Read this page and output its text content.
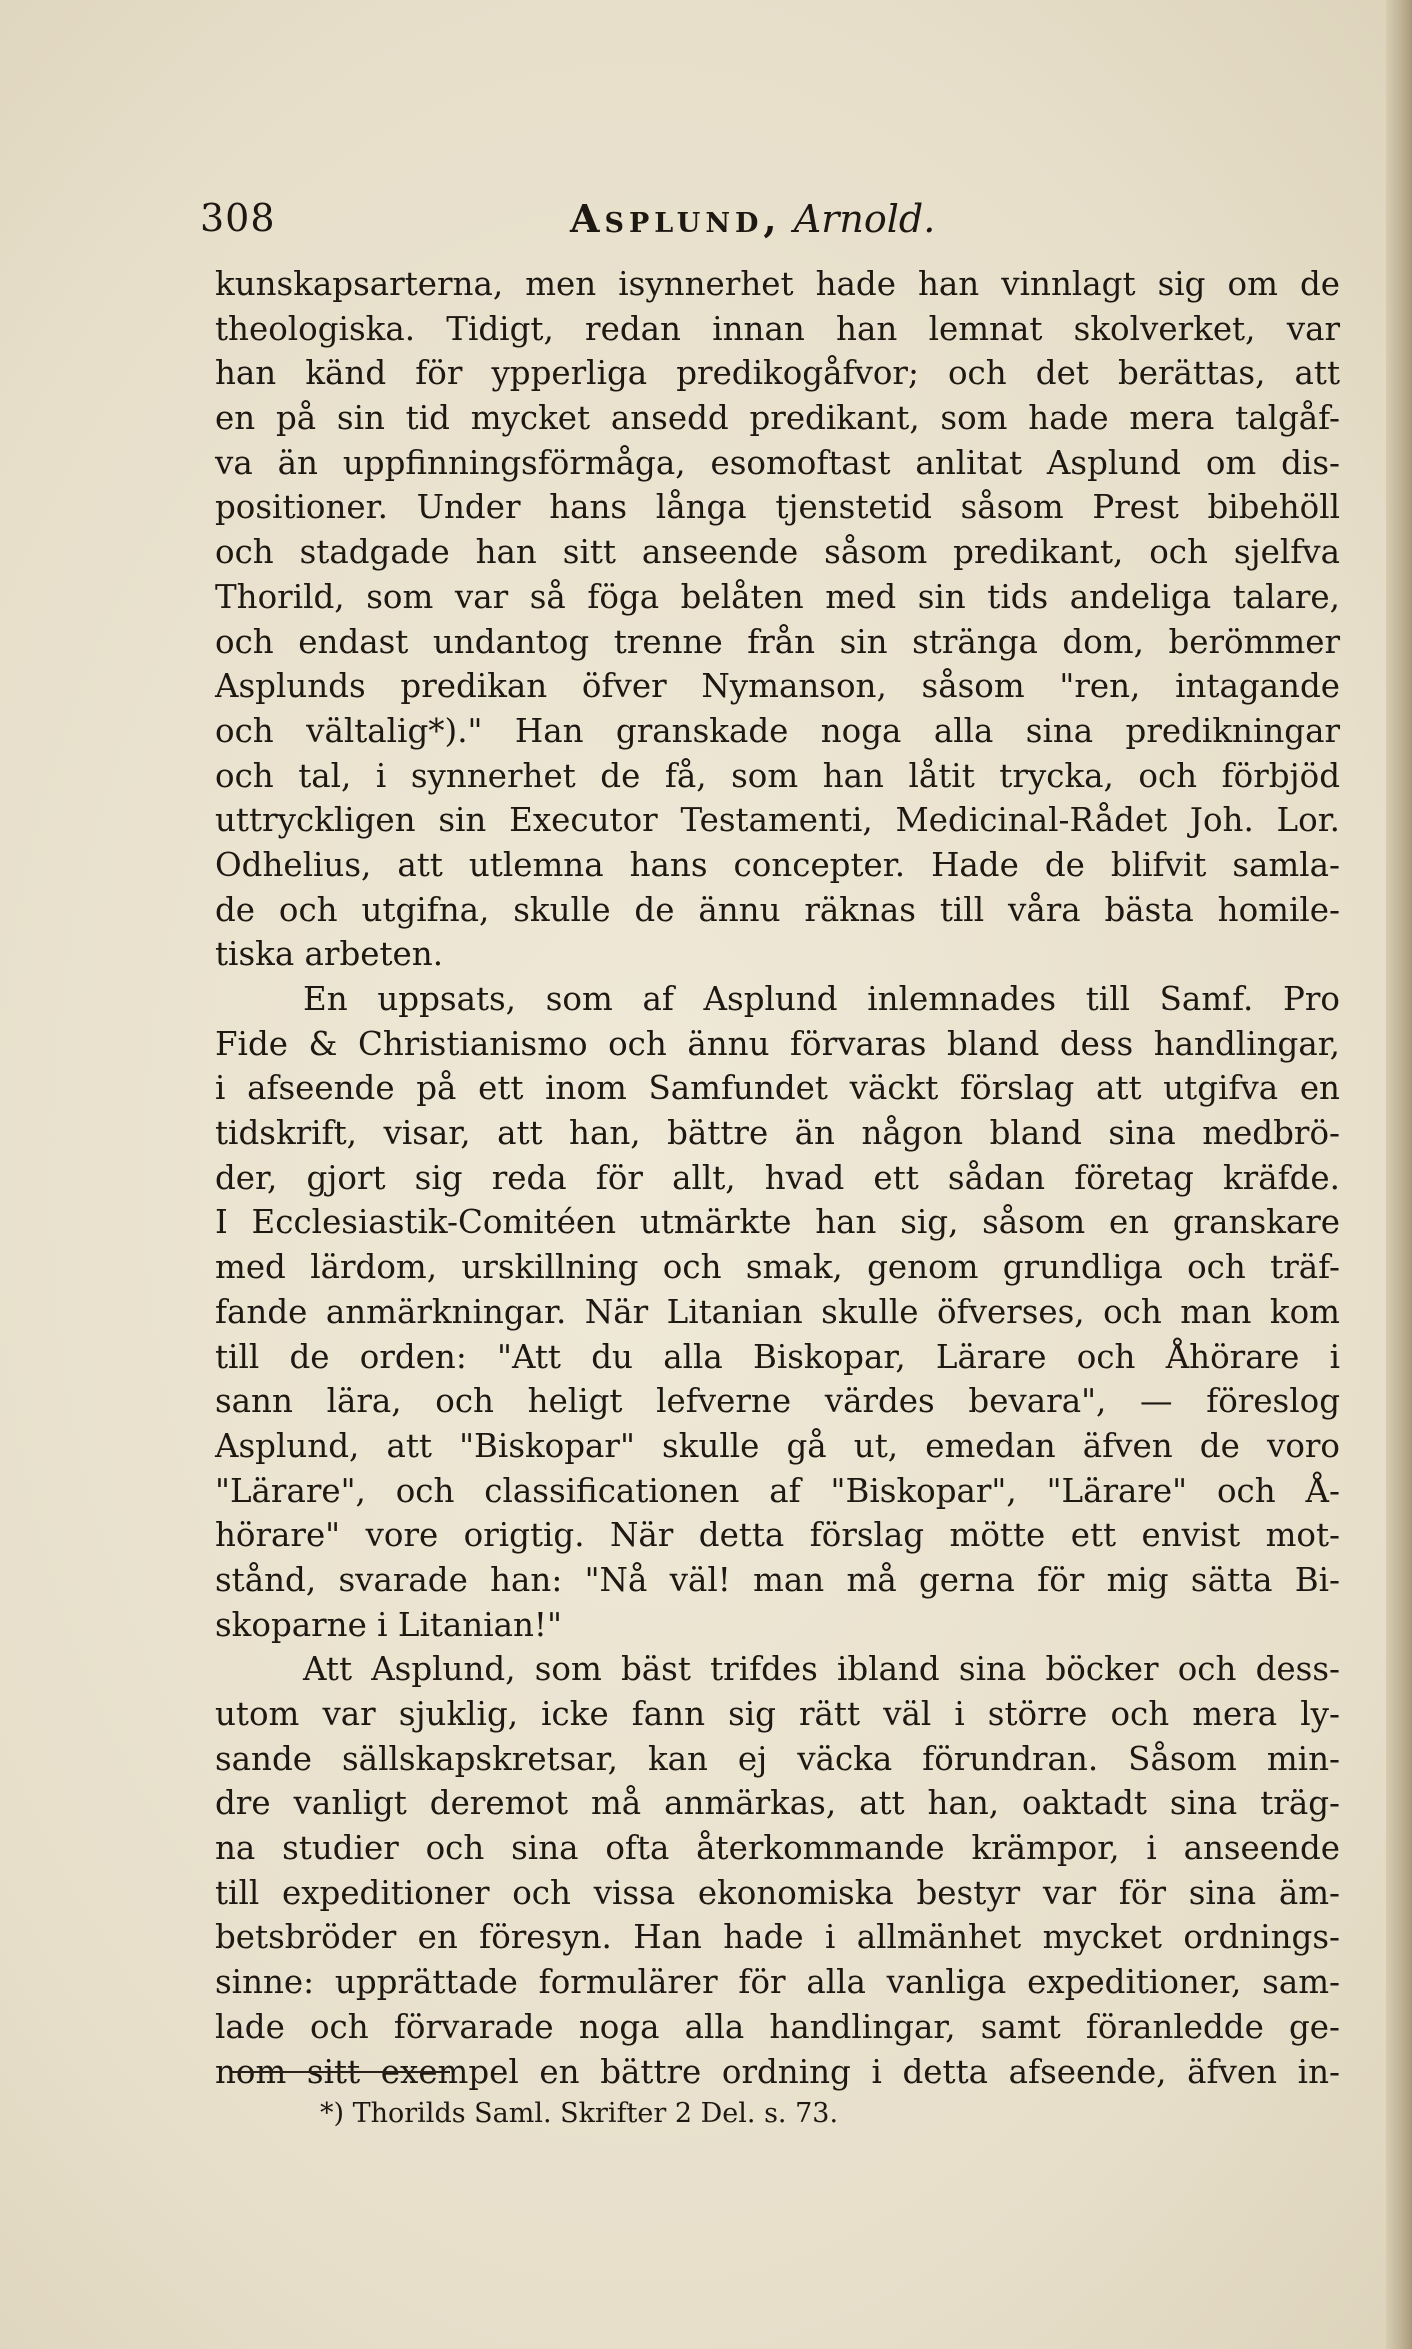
308	Asplund, Arnold.
kunskapsarterna, men isynnerhet hade han vinnlagt sig om de
theologiska. Tidigt, redan innan han lemnat skolverket, var
han känd för ypperliga predikogåfvor; och det berättas, att
en på sin tid mycket ansedd predikant, som hade mera talgåf-
va än uppfinningsförmåga, esomoftast anlitat Asplund om dis-
positioner. Under hans långa tjenstetid såsom Prest bibehöll
och stadgade han sitt anseende såsom predikant, och sjelfva
Thorild, som var så föga belåten med sin tids andeliga talare,
och endast undantog trenne från sin stränga dom, berömmer
Asplunds predikan öfver Nymanson, såsom "ren, intagande
och vältalig*)." Han granskade noga alla sina predikningar
och tal, i synnerhet de få, som han låtit trycka, och förbjöd
uttryckligen sin Executor Testamenti, Medicinal-Rådet Joh. Lor.
Odhelius, att utlemna hans concepter. Hade de blifvit samla-
de och utgifna, skulle de ännu räknas till våra bästa homile-
tiska arbeten.
En uppsats, som af Asplund inlemnades till Samf. Pro
Fide & Christianismo och ännu förvaras bland dess handlingar,
i afseende på ett inom Samfundet väckt förslag att utgifva en
tidskrift, visar, att han, bättre än någon bland sina medbrö-
der, gjort sig reda för allt, hvad ett sådan företag kräfde.
I Ecclesiastik-Comitéen utmärkte han sig, såsom en granskare
med lärdom, urskillning och smak, genom grundliga och träf-
fande anmärkningar. När Litanian skulle öfverses, och man kom
till de orden: "Att du alla Biskopar, Lärare och Åhörare i
sann lära, och heligt lefverne värdes bevara", — föreslog
Asplund, att "Biskopar" skulle gå ut, emedan äfven de voro
"Lärare", och classificationen af "Biskopar", "Lärare" och Å-
hörare" vore origtig. När detta förslag mötte ett envist mot-
stånd, svarade han: "Nå väl! man må gerna för mig sätta Bi-
skoparne i Litanian!"
Att Asplund, som bäst trifdes ibland sina böcker och dess-
utom var sjuklig, icke fann sig rätt väl i större och mera ly-
sande sällskapskretsar, kan ej väcka förundran. Såsom min-
dre vanligt deremot må anmärkas, att han, oaktadt sina träg-
na studier och sina ofta återkommande krämpor, i anseende
till expeditioner och vissa ekonomiska bestyr var för sina äm-
betsbröder en föresyn. Han hade i allmänhet mycket ordnings-
sinne: upprättade formulärer för alla vanliga expeditioner, sam-
lade och förvarade noga alla handlingar, samt föranledde ge-
nom sitt exempel en bättre ordning i detta afseende, äfven in-
*) Thorilds Saml. Skrifter 2 Del. s. 73.
